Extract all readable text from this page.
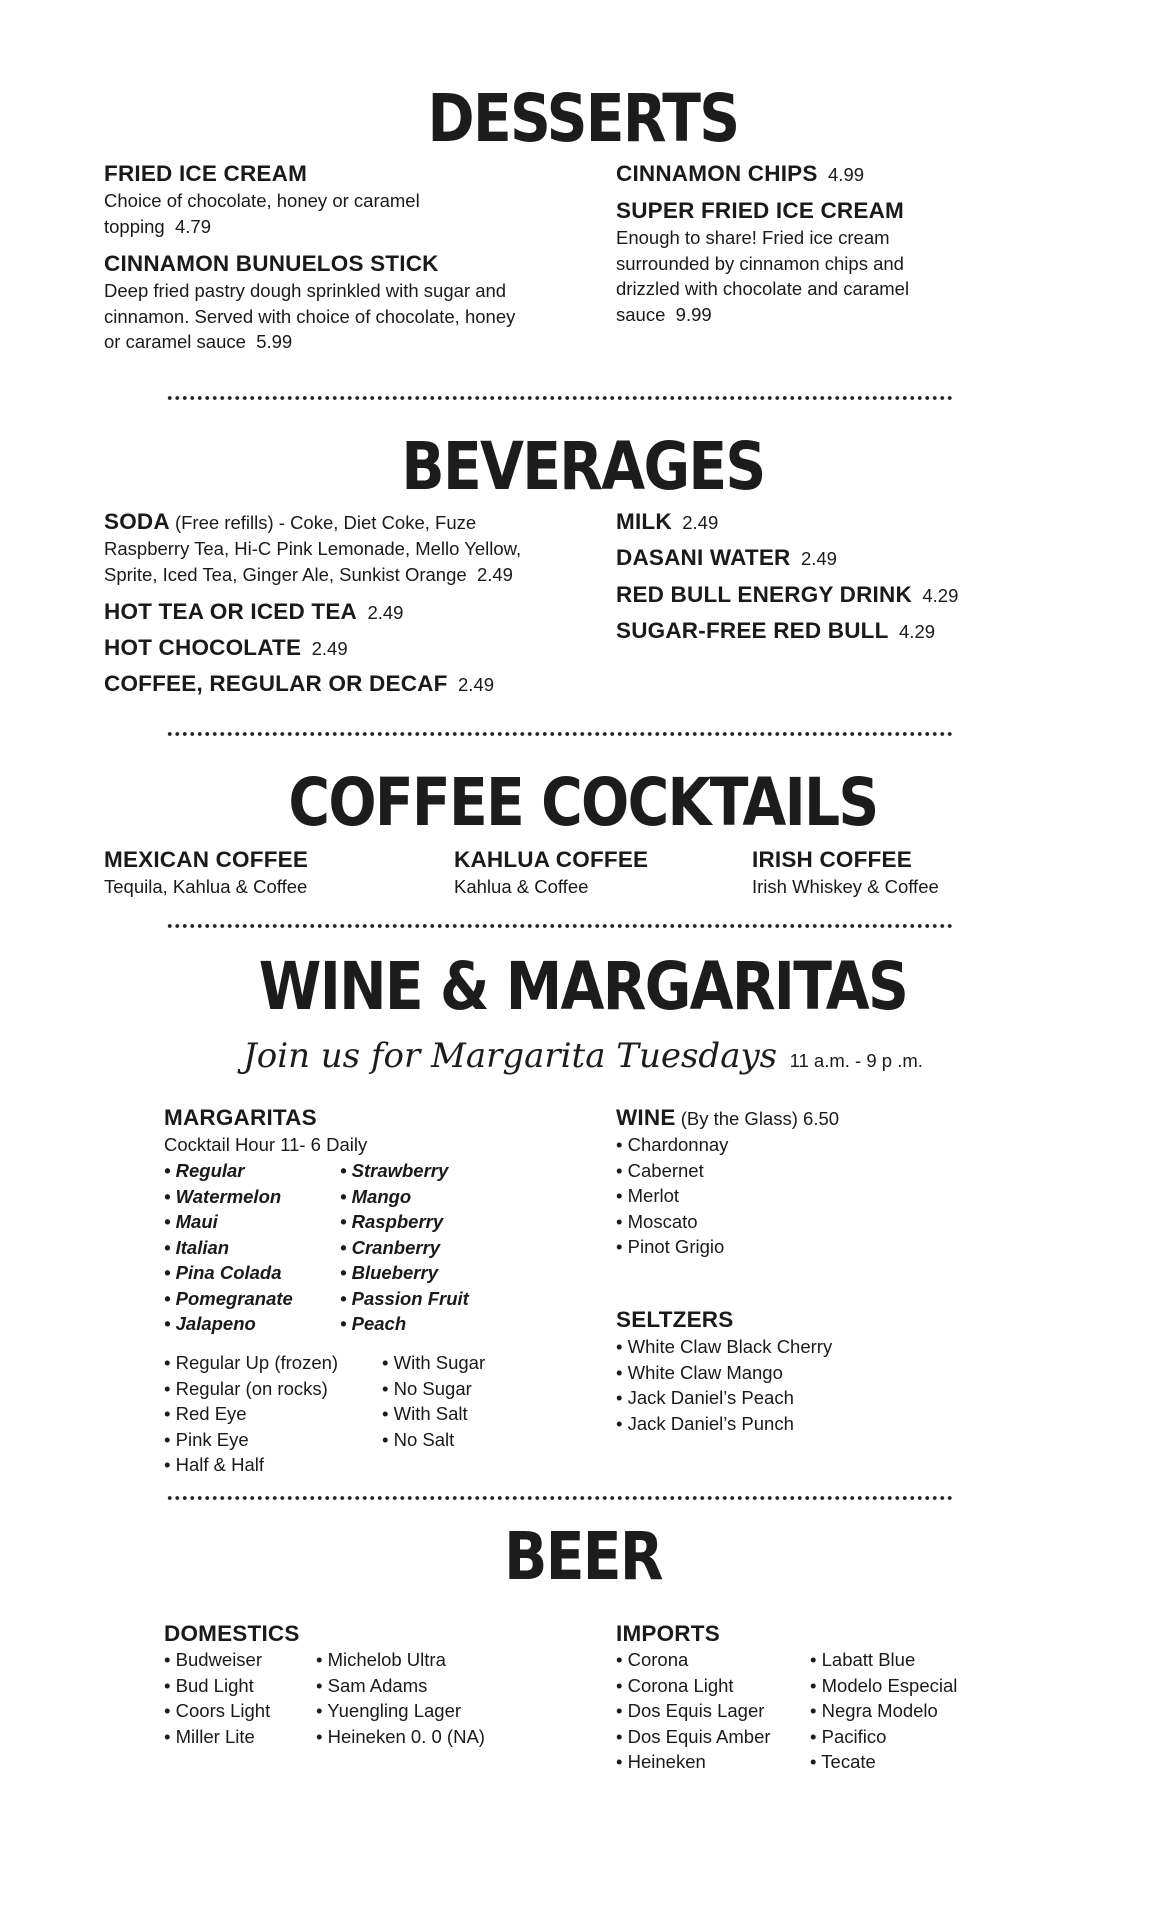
DESSERTS
FRIED ICE CREAM
Choice of chocolate, honey or caramel topping 4.79
CINNAMON BUNUELOS STICK
Deep fried pastry dough sprinkled with sugar and cinnamon. Served with choice of chocolate, honey or caramel sauce 5.99
CINNAMON CHIPS 4.99
SUPER FRIED ICE CREAM
Enough to share! Fried ice cream surrounded by cinnamon chips and drizzled with chocolate and caramel sauce 9.99
BEVERAGES
SODA (Free refills) - Coke, Diet Coke, Fuze Raspberry Tea, Hi-C Pink Lemonade, Mello Yellow, Sprite, Iced Tea, Ginger Ale, Sunkist Orange 2.49
HOT TEA OR ICED TEA 2.49
HOT CHOCOLATE 2.49
COFFEE, REGULAR OR DECAF 2.49
MILK 2.49
DASANI WATER 2.49
RED BULL ENERGY DRINK 4.29
SUGAR-FREE RED BULL 4.29
COFFEE COCKTAILS
MEXICAN COFFEE
Tequila, Kahlua & Coffee
KAHLUA COFFEE
Kahlua & Coffee
IRISH COFFEE
Irish Whiskey & Coffee
WINE & MARGARITAS
Join us for Margarita Tuesdays 11 a.m. - 9 p .m.
MARGARITAS
Cocktail Hour 11- 6 Daily
• Regular
• Watermelon
• Maui
• Italian
• Pina Colada
• Pomegranate
• Jalapeno
• Strawberry
• Mango
• Raspberry
• Cranberry
• Blueberry
• Passion Fruit
• Peach
• Regular Up (frozen)
• Regular (on rocks)
• Red Eye
• Pink Eye
• Half & Half
• With Sugar
• No Sugar
• With Salt
• No Salt
WINE (By the Glass) 6.50
• Chardonnay
• Cabernet
• Merlot
• Moscato
• Pinot Grigio
SELTZERS
• White Claw Black Cherry
• White Claw Mango
• Jack Daniel’s Peach
• Jack Daniel’s Punch
BEER
DOMESTICS
• Budweiser
• Bud Light
• Coors Light
• Miller Lite
• Michelob Ultra
• Sam Adams
• Yuengling Lager
• Heineken 0. 0 (NA)
IMPORTS
• Corona
• Corona Light
• Dos Equis Lager
• Dos Equis Amber
• Heineken
• Labatt Blue
• Modelo Especial
• Negra Modelo
• Pacifico
• Tecate
